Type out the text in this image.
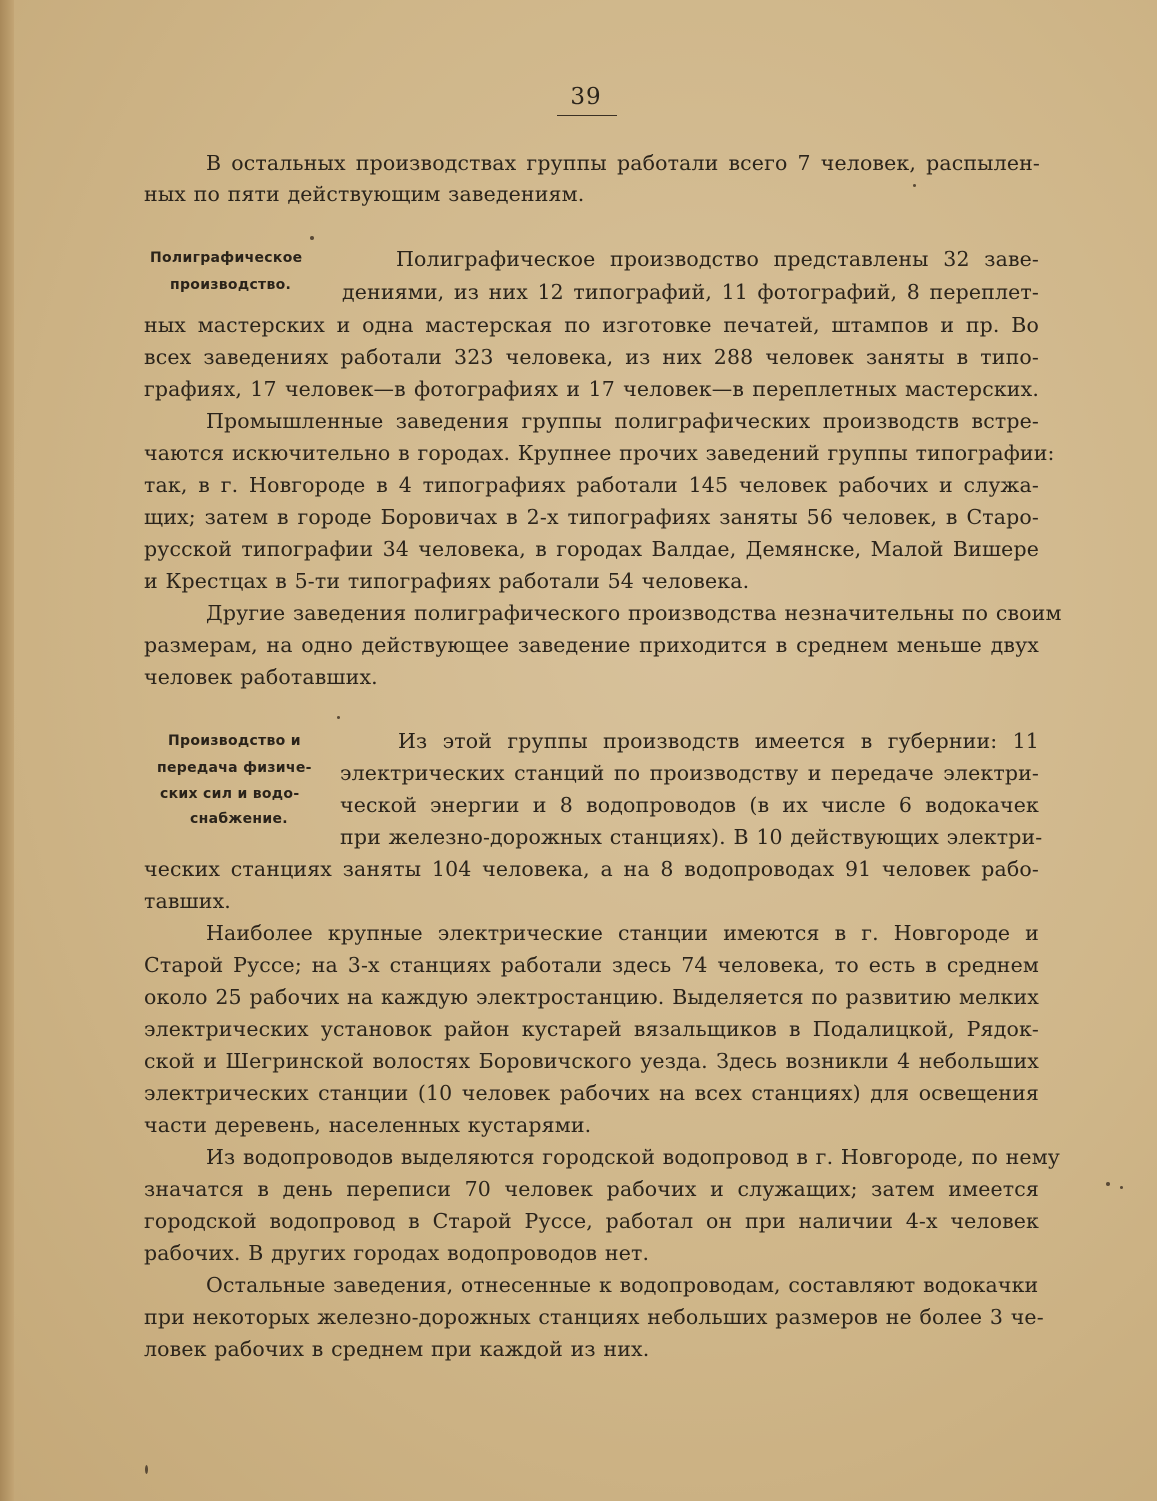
39
Полиграфическое
производство.
Производство и
передача физиче-
ских сил и водо-
снабжение.
В остальных производствах группы работали всего 7 человек, распылен-
ных по пяти действующим заведениям.
Полиграфическое производство представлены 32 заве-
дениями, из них 12 типографий, 11 фотографий, 8 переплет-
ных мастерских и одна мастерская по изготовке печатей, штампов и пр. Во
всех заведениях работали 323 человека, из них 288 человек заняты в типо-
графиях, 17 человек—в фотографиях и 17 человек—в переплетных мастерских.
Промышленные заведения группы полиграфических производств встре-
чаются искючительно в городах. Крупнее прочих заведений группы типографии:
так, в г. Новгороде в 4 типографиях работали 145 человек рабочих и служа-
щих; затем в городе Боровичах в 2-х типографиях заняты 56 человек, в Старо-
русской типографии 34 человека, в городах Валдае, Демянске, Малой Вишере
и Крестцах в 5-ти типографиях работали 54 человека.
Другие заведения полиграфического производства незначительны по своим
размерам, на одно действующее заведение приходится в среднем меньше двух
человек работавших.
Из этой группы производств имеется в губернии: 11
электрических станций по производству и передаче электри-
ческой энергии и 8 водопроводов (в их числе 6 водокачек
при железно-дорожных станциях). В 10 действующих электри-
ческих станциях заняты 104 человека, а на 8 водопроводах 91 человек рабо-
тавших.
Наиболее крупные электрические станции имеются в г. Новгороде и
Старой Руссе; на 3-х станциях работали здесь 74 человека, то есть в среднем
около 25 рабочих на каждую электростанцию. Выделяется по развитию мелких
электрических установок район кустарей вязальщиков в Подалицкой, Рядок-
ской и Шегринской волостях Боровичского уезда. Здесь возникли 4 небольших
электрических станции (10 человек рабочих на всех станциях) для освещения
части деревень, населенных кустарями.
Из водопроводов выделяются городской водопровод в г. Новгороде, по нему
значатся в день переписи 70 человек рабочих и служащих; затем имеется
городской водопровод в Старой Руссе, работал он при наличии 4-х человек
рабочих. В других городах водопроводов нет.
Остальные заведения, отнесенные к водопроводам, составляют водокачки
при некоторых железно-дорожных станциях небольших размеров не более 3 че-
ловек рабочих в среднем при каждой из них.
